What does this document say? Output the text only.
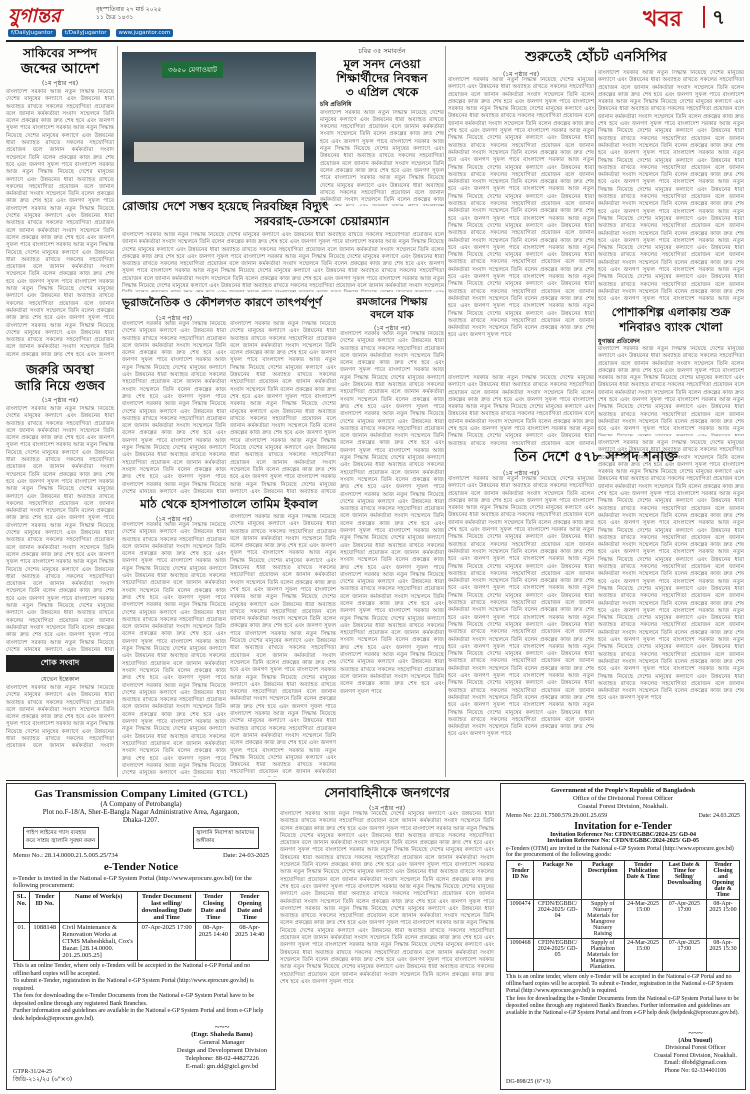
যুগান্তর	বৃহস্পতিবার ২৭ মার্চ ২০২৫
১১ চৈত্র ১৪৩১
f/DailyJugantor	t/DailyJugantor	www.jugantor.com
খবর ৭
সাকিবের সম্পদ
জব্দের আদেশ
(১ম পৃষ্ঠার পর)
বাংলাদেশ সরকার আজ নতুন সিদ্ধান্ত নিয়েছে দেশের মানুষের কল্যাণে এবং উন্নয়নের ধারা অব্যাহত রাখতে সকলের সহযোগিতা প্রয়োজন বলে জানান কর্মকর্তারা সংবাদ সম্মেলনে তিনি বলেন প্রকল্পের কাজ দ্রুত শেষ হবে এবং জনগণ সুফল পাবে বাংলাদেশ সরকার আজ নতুন সিদ্ধান্ত নিয়েছে দেশের মানুষের কল্যাণে এবং উন্নয়নের ধারা অব্যাহত রাখতে সকলের সহযোগিতা প্রয়োজন বলে জানান কর্মকর্তারা সংবাদ সম্মেলনে তিনি বলেন প্রকল্পের কাজ দ্রুত শেষ হবে এবং জনগণ সুফল পাবে বাংলাদেশ সরকার আজ নতুন সিদ্ধান্ত নিয়েছে দেশের মানুষের কল্যাণে এবং উন্নয়নের ধারা অব্যাহত রাখতে সকলের সহযোগিতা প্রয়োজন বলে জানান কর্মকর্তারা সংবাদ সম্মেলনে তিনি বলেন প্রকল্পের কাজ দ্রুত শেষ হবে এবং জনগণ সুফল পাবে বাংলাদেশ সরকার আজ নতুন সিদ্ধান্ত নিয়েছে দেশের মানুষের কল্যাণে এবং উন্নয়নের ধারা অব্যাহত রাখতে সকলের সহযোগিতা প্রয়োজন বলে জানান কর্মকর্তারা সংবাদ সম্মেলনে তিনি বলেন প্রকল্পের কাজ দ্রুত শেষ হবে এবং জনগণ সুফল পাবে বাংলাদেশ সরকার আজ নতুন সিদ্ধান্ত নিয়েছে দেশের মানুষের কল্যাণে এবং উন্নয়নের ধারা অব্যাহত রাখতে সকলের সহযোগিতা প্রয়োজন বলে জানান কর্মকর্তারা সংবাদ সম্মেলনে তিনি বলেন প্রকল্পের কাজ দ্রুত শেষ হবে এবং জনগণ সুফল পাবে বাংলাদেশ সরকার আজ নতুন সিদ্ধান্ত নিয়েছে দেশের মানুষের কল্যাণে এবং উন্নয়নের ধারা অব্যাহত রাখতে সকলের সহযোগিতা প্রয়োজন বলে জানান কর্মকর্তারা সংবাদ সম্মেলনে তিনি বলেন প্রকল্পের কাজ দ্রুত শেষ হবে এবং জনগণ সুফল পাবে বাংলাদেশ সরকার আজ নতুন সিদ্ধান্ত নিয়েছে দেশের মানুষের কল্যাণে এবং উন্নয়নের ধারা অব্যাহত রাখতে সকলের সহযোগিতা প্রয়োজন বলে জানান কর্মকর্তারা সংবাদ সম্মেলনে তিনি বলেন প্রকল্পের কাজ দ্রুত শেষ হবে এবং জনগণ সুফল পাবে বাংলাদেশ সরকার আজ নতুন সিদ্ধান্ত নিয়েছে দেশের মানুষের কল্যাণে এবং উন্নয়নের ধারা অব্যাহত রাখতে সকলের সহযোগিতা প্রয়োজন বলে জানান কর্মকর্তারা সংবাদ সম্মেলনে তিনি বলেন প্রকল্পের কাজ দ্রুত শেষ হবে এবং জনগণ সুফল পাবে বাংলাদেশ সরকার আজ নতুন সিদ্ধান্ত নিয়েছে দেশের মানুষের কল্যাণে এবং উন্নয়নের ধারা অব্যাহত রাখতে সকলের সহযোগিতা প্রয়োজন বলে জানান কর্মকর্তারা সংবাদ সম্মেলনে তিনি বলেন প্রকল্পের কাজ দ্রুত শেষ হবে এবং জনগণ সুফল পাবে
জরুরি অবস্থা
জারি নিয়ে গুজব
(১ম পৃষ্ঠার পর)
বাংলাদেশ সরকার আজ নতুন সিদ্ধান্ত নিয়েছে দেশের মানুষের কল্যাণে এবং উন্নয়নের ধারা অব্যাহত রাখতে সকলের সহযোগিতা প্রয়োজন বলে জানান কর্মকর্তারা সংবাদ সম্মেলনে তিনি বলেন প্রকল্পের কাজ দ্রুত শেষ হবে এবং জনগণ সুফল পাবে বাংলাদেশ সরকার আজ নতুন সিদ্ধান্ত নিয়েছে দেশের মানুষের কল্যাণে এবং উন্নয়নের ধারা অব্যাহত রাখতে সকলের সহযোগিতা প্রয়োজন বলে জানান কর্মকর্তারা সংবাদ সম্মেলনে তিনি বলেন প্রকল্পের কাজ দ্রুত শেষ হবে এবং জনগণ সুফল পাবে বাংলাদেশ সরকার আজ নতুন সিদ্ধান্ত নিয়েছে দেশের মানুষের কল্যাণে এবং উন্নয়নের ধারা অব্যাহত রাখতে সকলের সহযোগিতা প্রয়োজন বলে জানান কর্মকর্তারা সংবাদ সম্মেলনে তিনি বলেন প্রকল্পের কাজ দ্রুত শেষ হবে এবং জনগণ সুফল পাবে বাংলাদেশ সরকার আজ নতুন সিদ্ধান্ত নিয়েছে দেশের মানুষের কল্যাণে এবং উন্নয়নের ধারা অব্যাহত রাখতে সকলের সহযোগিতা প্রয়োজন বলে জানান কর্মকর্তারা সংবাদ সম্মেলনে তিনি বলেন প্রকল্পের কাজ দ্রুত শেষ হবে এবং জনগণ সুফল পাবে বাংলাদেশ সরকার আজ নতুন সিদ্ধান্ত নিয়েছে দেশের মানুষের কল্যাণে এবং উন্নয়নের ধারা অব্যাহত রাখতে সকলের সহযোগিতা প্রয়োজন বলে জানান কর্মকর্তারা সংবাদ সম্মেলনে তিনি বলেন প্রকল্পের কাজ দ্রুত শেষ হবে এবং জনগণ সুফল পাবে বাংলাদেশ সরকার আজ নতুন সিদ্ধান্ত নিয়েছে দেশের মানুষের কল্যাণে এবং উন্নয়নের ধারা অব্যাহত রাখতে সকলের সহযোগিতা প্রয়োজন বলে জানান কর্মকর্তারা সংবাদ সম্মেলনে তিনি বলেন প্রকল্পের কাজ দ্রুত শেষ হবে এবং জনগণ সুফল পাবে বাংলাদেশ সরকার আজ নতুন সিদ্ধান্ত নিয়েছে দেশের মানুষের কল্যাণে এবং উন্নয়নের ধারা অব্যাহত রাখতে সকলের সহযোগিতা প্রয়োজন বলে জানান কর্মকর্তারা সংবাদ সম্মেলনে তিনি বলেন প্রকল্পের কাজ দ্রুত শেষ হবে এবং জনগণ সুফল পাবে বাংলাদেশ সরকার আজ নতুন সিদ্ধান্ত নিয়েছে দেশের মানুষের কল্যাণে এবং উন্নয়নের ধারা অব্যাহত রাখতে সকলের সহযোগিতা প্রয়োজন বলে জানান কর্মকর্তারা সংবাদ সম্মেলনে তিনি বলেন প্রকল্পের কাজ দ্রুত শেষ হবে এবং জনগণ সুফল পাবে বাংলাদেশ সরকার আজ নতুন সিদ্ধান্ত নিয়েছে দেশের মানুষের কল্যাণে এবং উন্নয়নের ধারা অব্যাহত রাখতে সকলের সহযোগিতা প্রয়োজন বলে জানান কর্মকর্তারা সংবাদ সম্মেলনে তিনি বলেন প্রকল্পের কাজ দ্রুত শেষ হবে এবং জনগণ সুফল পাবে
শোক সংবাদ
যেভেন ইন্তেকাল
বাংলাদেশ সরকার আজ নতুন সিদ্ধান্ত নিয়েছে দেশের মানুষের কল্যাণে এবং উন্নয়নের ধারা অব্যাহত রাখতে সকলের সহযোগিতা প্রয়োজন বলে জানান কর্মকর্তারা সংবাদ সম্মেলনে তিনি বলেন প্রকল্পের কাজ দ্রুত শেষ হবে এবং জনগণ সুফল পাবে বাংলাদেশ সরকার আজ নতুন সিদ্ধান্ত নিয়েছে দেশের মানুষের কল্যাণে এবং উন্নয়নের ধারা অব্যাহত রাখতে সকলের সহযোগিতা প্রয়োজন বলে জানান কর্মকর্তারা সংবাদ সম্মেলনে তিনি বলেন প্রকল্পের কাজ দ্রুত শেষ হবে এবং জনগণ সুফল পাবে বাংলাদেশ সরকার আজ নতুন সিদ্ধান্ত নিয়েছে দেশের মানুষের কল্যাণে এবং উন্নয়নের ধারা অব্যাহত রাখতে সকলের সহযোগিতা প্রয়োজন বলে জানান কর্মকর্তারা সংবাদ সম্মেলনে তিনি বলেন প্রকল্পের কাজ দ্রুত শেষ হবে এবং জনগণ সুফল পাবে বাংলাদেশ সরকার আজ নতুন সিদ্ধান্ত নিয়েছে দেশের মানুষের কল্যাণে এবং উন্নয়নের ধারা অব্যাহত রাখতে সকলের সহযোগিতা প্রয়োজন বলে জানান কর্মকর্তারা সংবাদ সম্মেলনে তিনি বলেন প্রকল্পের কাজ দ্রুত শেষ হবে এবং জনগণ সুফল পাবে বাংলাদেশ সরকার আজ নতুন সিদ্ধান্ত নিয়েছে দেশের মানুষের কল্যাণে এবং উন্নয়নের ধারা অব্যাহত রাখতে সকলের সহযোগিতা প্রয়োজন বলে জানান কর্মকর্তারা সংবাদ সম্মেলনে তিনি বলেন প্রকল্পের কাজ দ্রুত শেষ হবে এবং জনগণ সুফল পাবে বাংলাদেশ সরকার আজ নতুন সিদ্ধান্ত নিয়েছে দেশের মানুষের কল্যাণে এবং উন্নয়নের ধারা অব্যাহত রাখতে সকলের সহযোগিতা প্রয়োজন বলে জানান কর্মকর্তারা সংবাদ সম্মেলনে তিনি বলেন প্রকল্পের কাজ দ্রুত শেষ হবে এবং জনগণ সুফল পাবে বাংলাদেশ সরকার আজ নতুন সিদ্ধান্ত নিয়েছে দেশের মানুষের কল্যাণে এবং উন্নয়নের ধারা অব্যাহত রাখতে সকলের সহযোগিতা প্রয়োজন বলে জানান কর্মকর্তারা সংবাদ সম্মেলনে তিনি বলেন প্রকল্পের কাজ দ্রুত শেষ হবে এবং জনগণ সুফল পাবে বাংলাদেশ সরকার আজ নতুন সিদ্ধান্ত নিয়েছে দেশের মানুষের কল্যাণে এবং উন্নয়নের ধারা অব্যাহত রাখতে সকলের সহযোগিতা প্রয়োজন বলে জানান কর্মকর্তারা সংবাদ সম্মেলনে তিনি বলেন প্রকল্পের কাজ দ্রুত শেষ হবে এবং জনগণ সুফল পাবে বাংলাদেশ সরকার আজ নতুন সিদ্ধান্ত নিয়েছে দেশের মানুষের কল্যাণে এবং উন্নয়নের ধারা অব্যাহত রাখতে সকলের সহযোগিতা প্রয়োজন বলে জানান কর্মকর্তারা সংবাদ সম্মেলনে তিনি বলেন প্রকল্পের কাজ দ্রুত শেষ হবে এবং জনগণ সুফল পাবে
৩৬৫০ মেগাওয়াট
রোজায় দেশে সম্ভব হয়েছে নিরবচ্ছিন্ন বিদ্যুৎ
সরবরাহ-ডেসকো চেয়ারম্যান
বাংলাদেশ সরকার আজ নতুন সিদ্ধান্ত নিয়েছে দেশের মানুষের কল্যাণে এবং উন্নয়নের ধারা অব্যাহত রাখতে সকলের সহযোগিতা প্রয়োজন বলে জানান কর্মকর্তারা সংবাদ সম্মেলনে তিনি বলেন প্রকল্পের কাজ দ্রুত শেষ হবে এবং জনগণ সুফল পাবে বাংলাদেশ সরকার আজ নতুন সিদ্ধান্ত নিয়েছে দেশের মানুষের কল্যাণে এবং উন্নয়নের ধারা অব্যাহত রাখতে সকলের সহযোগিতা প্রয়োজন বলে জানান কর্মকর্তারা সংবাদ সম্মেলনে তিনি বলেন প্রকল্পের কাজ দ্রুত শেষ হবে এবং জনগণ সুফল পাবে বাংলাদেশ সরকার আজ নতুন সিদ্ধান্ত নিয়েছে দেশের মানুষের কল্যাণে এবং উন্নয়নের ধারা অব্যাহত রাখতে সকলের সহযোগিতা প্রয়োজন বলে জানান কর্মকর্তারা সংবাদ সম্মেলনে তিনি বলেন প্রকল্পের কাজ দ্রুত শেষ হবে এবং জনগণ সুফল পাবে বাংলাদেশ সরকার আজ নতুন সিদ্ধান্ত নিয়েছে দেশের মানুষের কল্যাণে এবং উন্নয়নের ধারা অব্যাহত রাখতে সকলের সহযোগিতা প্রয়োজন বলে জানান কর্মকর্তারা সংবাদ সম্মেলনে তিনি বলেন প্রকল্পের কাজ দ্রুত শেষ হবে এবং জনগণ সুফল পাবে বাংলাদেশ সরকার আজ নতুন সিদ্ধান্ত নিয়েছে দেশের মানুষের কল্যাণে এবং উন্নয়নের ধারা অব্যাহত রাখতে সকলের সহযোগিতা প্রয়োজন বলে জানান কর্মকর্তারা সংবাদ সম্মেলনে তিনি বলেন প্রকল্পের কাজ দ্রুত শেষ হবে এবং জনগণ সুফল পাবে বাংলাদেশ সরকার আজ নতুন সিদ্ধান্ত নিয়েছে দেশের মানুষের কল্যাণে এবং উন্নয়নের ধারা অব্যাহত রাখতে সকলের সহযোগিতা প্রয়োজন বলে জানান কর্মকর্তারা সংবাদ সম্মেলনে তিনি বলেন প্রকল্পের কাজ দ্রুত শেষ হবে এবং জনগণ সুফল পাবে বাংলাদেশ সরকার আজ নতুন সিদ্ধান্ত নিয়েছে দেশের মানুষের কল্যাণে এবং উন্নয়নের ধারা অব্যাহত রাখতে সকলের সহযোগিতা প্রয়োজন বলে জানান কর্মকর্তারা সংবাদ সম্মেলনে তিনি বলেন প্রকল্পের কাজ দ্রুত শেষ হবে এবং জনগণ সুফল পাবে বাংলাদেশ সরকার আজ নতুন সিদ্ধান্ত নিয়েছে দেশের মানুষের কল্যাণে এবং উন্নয়নের ধারা অব্যাহত রাখতে সকলের সহযোগিতা প্রয়োজন বলে জানান কর্মকর্তারা সংবাদ সম্মেলনে তিনি বলেন প্রকল্পের কাজ দ্রুত শেষ হবে এবং জনগণ সুফল পাবে বাংলাদেশ সরকার আজ নতুন সিদ্ধান্ত নিয়েছে দেশের মানুষের কল্যাণে এবং উন্নয়নের ধারা অব্যাহত রাখতে সকলের সহযোগিতা প্রয়োজন বলে জানান কর্মকর্তারা সংবাদ সম্মেলনে তিনি বলেন প্রকল্পের কাজ দ্রুত শেষ হবে এবং জনগণ সুফল পাবে
চবির ৩৫ সমাবর্তন
মূল সনদ নেওয়া
শিক্ষার্থীদের নিবন্ধন
৩ এপ্রিল থেকে
চবি প্রতিনিধি
বাংলাদেশ সরকার আজ নতুন সিদ্ধান্ত নিয়েছে দেশের মানুষের কল্যাণে এবং উন্নয়নের ধারা অব্যাহত রাখতে সকলের সহযোগিতা প্রয়োজন বলে জানান কর্মকর্তারা সংবাদ সম্মেলনে তিনি বলেন প্রকল্পের কাজ দ্রুত শেষ হবে এবং জনগণ সুফল পাবে বাংলাদেশ সরকার আজ নতুন সিদ্ধান্ত নিয়েছে দেশের মানুষের কল্যাণে এবং উন্নয়নের ধারা অব্যাহত রাখতে সকলের সহযোগিতা প্রয়োজন বলে জানান কর্মকর্তারা সংবাদ সম্মেলনে তিনি বলেন প্রকল্পের কাজ দ্রুত শেষ হবে এবং জনগণ সুফল পাবে বাংলাদেশ সরকার আজ নতুন সিদ্ধান্ত নিয়েছে দেশের মানুষের কল্যাণে এবং উন্নয়নের ধারা অব্যাহত রাখতে সকলের সহযোগিতা প্রয়োজন বলে জানান কর্মকর্তারা সংবাদ সম্মেলনে তিনি বলেন প্রকল্পের কাজ দ্রুত শেষ হবে এবং জনগণ সুফল পাবে বাংলাদেশ সরকার আজ নতুন সিদ্ধান্ত নিয়েছে দেশের মানুষের কল্যাণে এবং উন্নয়নের ধারা অব্যাহত রাখতে সকলের সহযোগিতা প্রয়োজন বলে জানান কর্মকর্তারা সংবাদ সম্মেলনে তিনি বলেন প্রকল্পের কাজ দ্রুত শেষ হবে এবং জনগণ সুফল পাবে বাংলাদেশ সরকার আজ নতুন সিদ্ধান্ত নিয়েছে দেশের মানুষের কল্যাণে এবং উন্নয়নের ধারা অব্যাহত রাখতে সকলের সহযোগিতা প্রয়োজন বলে জানান কর্মকর্তারা সংবাদ সম্মেলনে তিনি বলেন প্রকল্পের কাজ দ্রুত শেষ হবে এবং জনগণ সুফল পাবে বাংলাদেশ সরকার আজ নতুন সিদ্ধান্ত নিয়েছে দেশের মানুষের কল্যাণে এবং উন্নয়নের ধারা অব্যাহত রাখতে সকলের সহযোগিতা প্রয়োজন বলে জানান কর্মকর্তারা সংবাদ সম্মেলনে তিনি বলেন প্রকল্পের কাজ দ্রুত শেষ হবে এবং জনগণ সুফল পাবে বাংলাদেশ সরকার আজ নতুন সিদ্ধান্ত নিয়েছে দেশের মানুষের কল্যাণে এবং উন্নয়নের ধারা অব্যাহত রাখতে সকলের সহযোগিতা প্রয়োজন বলে জানান কর্মকর্তারা সংবাদ সম্মেলনে তিনি বলেন প্রকল্পের কাজ দ্রুত শেষ হবে এবং জনগণ সুফল পাবে বাংলাদেশ সরকার আজ নতুন সিদ্ধান্ত নিয়েছে দেশের মানুষের কল্যাণে এবং উন্নয়নের ধারা অব্যাহত রাখতে সকলের সহযোগিতা প্রয়োজন বলে জানান কর্মকর্তারা সংবাদ সম্মেলনে তিনি বলেন প্রকল্পের কাজ দ্রুত শেষ হবে এবং জনগণ সুফল পাবে বাংলাদেশ সরকার আজ নতুন সিদ্ধান্ত নিয়েছে দেশের মানুষের কল্যাণে এবং উন্নয়নের ধারা অব্যাহত রাখতে সকলের সহযোগিতা প্রয়োজন বলে জানান কর্মকর্তারা সংবাদ সম্মেলনে তিনি বলেন প্রকল্পের কাজ দ্রুত শেষ হবে এবং জনগণ সুফল পাবে
শুরুতেই হোঁচট এনসিপির
(১ম পৃষ্ঠার পর)
বাংলাদেশ সরকার আজ নতুন সিদ্ধান্ত নিয়েছে দেশের মানুষের কল্যাণে এবং উন্নয়নের ধারা অব্যাহত রাখতে সকলের সহযোগিতা প্রয়োজন বলে জানান কর্মকর্তারা সংবাদ সম্মেলনে তিনি বলেন প্রকল্পের কাজ দ্রুত শেষ হবে এবং জনগণ সুফল পাবে বাংলাদেশ সরকার আজ নতুন সিদ্ধান্ত নিয়েছে দেশের মানুষের কল্যাণে এবং উন্নয়নের ধারা অব্যাহত রাখতে সকলের সহযোগিতা প্রয়োজন বলে জানান কর্মকর্তারা সংবাদ সম্মেলনে তিনি বলেন প্রকল্পের কাজ দ্রুত শেষ হবে এবং জনগণ সুফল পাবে বাংলাদেশ সরকার আজ নতুন সিদ্ধান্ত নিয়েছে দেশের মানুষের কল্যাণে এবং উন্নয়নের ধারা অব্যাহত রাখতে সকলের সহযোগিতা প্রয়োজন বলে জানান কর্মকর্তারা সংবাদ সম্মেলনে তিনি বলেন প্রকল্পের কাজ দ্রুত শেষ হবে এবং জনগণ সুফল পাবে বাংলাদেশ সরকার আজ নতুন সিদ্ধান্ত নিয়েছে দেশের মানুষের কল্যাণে এবং উন্নয়নের ধারা অব্যাহত রাখতে সকলের সহযোগিতা প্রয়োজন বলে জানান কর্মকর্তারা সংবাদ সম্মেলনে তিনি বলেন প্রকল্পের কাজ দ্রুত শেষ হবে এবং জনগণ সুফল পাবে বাংলাদেশ সরকার আজ নতুন সিদ্ধান্ত নিয়েছে দেশের মানুষের কল্যাণে এবং উন্নয়নের ধারা অব্যাহত রাখতে সকলের সহযোগিতা প্রয়োজন বলে জানান কর্মকর্তারা সংবাদ সম্মেলনে তিনি বলেন প্রকল্পের কাজ দ্রুত শেষ হবে এবং জনগণ সুফল পাবে বাংলাদেশ সরকার আজ নতুন সিদ্ধান্ত নিয়েছে দেশের মানুষের কল্যাণে এবং উন্নয়নের ধারা অব্যাহত রাখতে সকলের সহযোগিতা প্রয়োজন বলে জানান কর্মকর্তারা সংবাদ সম্মেলনে তিনি বলেন প্রকল্পের কাজ দ্রুত শেষ হবে এবং জনগণ সুফল পাবে বাংলাদেশ সরকার আজ নতুন সিদ্ধান্ত নিয়েছে দেশের মানুষের কল্যাণে এবং উন্নয়নের ধারা অব্যাহত রাখতে সকলের সহযোগিতা প্রয়োজন বলে জানান কর্মকর্তারা সংবাদ সম্মেলনে তিনি বলেন প্রকল্পের কাজ দ্রুত শেষ হবে এবং জনগণ সুফল পাবে বাংলাদেশ সরকার আজ নতুন সিদ্ধান্ত নিয়েছে দেশের মানুষের কল্যাণে এবং উন্নয়নের ধারা অব্যাহত রাখতে সকলের সহযোগিতা প্রয়োজন বলে জানান কর্মকর্তারা সংবাদ সম্মেলনে তিনি বলেন প্রকল্পের কাজ দ্রুত শেষ হবে এবং জনগণ সুফল পাবে বাংলাদেশ সরকার আজ নতুন সিদ্ধান্ত নিয়েছে দেশের মানুষের কল্যাণে এবং উন্নয়নের ধারা অব্যাহত রাখতে সকলের সহযোগিতা প্রয়োজন বলে জানান কর্মকর্তারা সংবাদ সম্মেলনে তিনি বলেন প্রকল্পের কাজ দ্রুত শেষ হবে এবং জনগণ সুফল পাবে
বাংলাদেশ সরকার আজ নতুন সিদ্ধান্ত নিয়েছে দেশের মানুষের কল্যাণে এবং উন্নয়নের ধারা অব্যাহত রাখতে সকলের সহযোগিতা প্রয়োজন বলে জানান কর্মকর্তারা সংবাদ সম্মেলনে তিনি বলেন প্রকল্পের কাজ দ্রুত শেষ হবে এবং জনগণ সুফল পাবে বাংলাদেশ সরকার আজ নতুন সিদ্ধান্ত নিয়েছে দেশের মানুষের কল্যাণে এবং উন্নয়নের ধারা অব্যাহত রাখতে সকলের সহযোগিতা প্রয়োজন বলে জানান কর্মকর্তারা সংবাদ সম্মেলনে তিনি বলেন প্রকল্পের কাজ দ্রুত শেষ হবে এবং জনগণ সুফল পাবে বাংলাদেশ সরকার আজ নতুন সিদ্ধান্ত নিয়েছে দেশের মানুষের কল্যাণে এবং উন্নয়নের ধারা অব্যাহত রাখতে সকলের সহযোগিতা প্রয়োজন বলে জানান কর্মকর্তারা সংবাদ সম্মেলনে তিনি বলেন প্রকল্পের কাজ দ্রুত শেষ হবে এবং জনগণ সুফল পাবে বাংলাদেশ সরকার আজ নতুন সিদ্ধান্ত নিয়েছে দেশের মানুষের কল্যাণে এবং উন্নয়নের ধারা অব্যাহত রাখতে সকলের সহযোগিতা প্রয়োজন বলে জানান কর্মকর্তারা সংবাদ সম্মেলনে তিনি বলেন প্রকল্পের কাজ দ্রুত শেষ হবে এবং জনগণ সুফল পাবে বাংলাদেশ সরকার আজ নতুন সিদ্ধান্ত নিয়েছে দেশের মানুষের কল্যাণে এবং উন্নয়নের ধারা অব্যাহত রাখতে সকলের সহযোগিতা প্রয়োজন বলে জানান কর্মকর্তারা সংবাদ সম্মেলনে তিনি বলেন প্রকল্পের কাজ দ্রুত শেষ হবে এবং জনগণ সুফল পাবে বাংলাদেশ সরকার আজ নতুন সিদ্ধান্ত নিয়েছে দেশের মানুষের কল্যাণে এবং উন্নয়নের ধারা অব্যাহত রাখতে সকলের সহযোগিতা প্রয়োজন বলে জানান কর্মকর্তারা সংবাদ সম্মেলনে তিনি বলেন প্রকল্পের কাজ দ্রুত শেষ হবে এবং জনগণ সুফল পাবে বাংলাদেশ সরকার আজ নতুন সিদ্ধান্ত নিয়েছে দেশের মানুষের কল্যাণে এবং উন্নয়নের ধারা অব্যাহত রাখতে সকলের সহযোগিতা প্রয়োজন বলে জানান কর্মকর্তারা সংবাদ সম্মেলনে তিনি বলেন প্রকল্পের কাজ দ্রুত শেষ হবে এবং জনগণ সুফল পাবে বাংলাদেশ সরকার আজ নতুন সিদ্ধান্ত নিয়েছে দেশের মানুষের কল্যাণে এবং উন্নয়নের ধারা অব্যাহত রাখতে সকলের সহযোগিতা প্রয়োজন বলে জানান কর্মকর্তারা সংবাদ সম্মেলনে তিনি বলেন প্রকল্পের কাজ দ্রুত শেষ হবে এবং জনগণ সুফল পাবে বাংলাদেশ সরকার আজ নতুন সিদ্ধান্ত নিয়েছে দেশের মানুষের কল্যাণে এবং উন্নয়নের ধারা অব্যাহত রাখতে সকলের সহযোগিতা প্রয়োজন বলে জানান কর্মকর্তারা সংবাদ সম্মেলনে তিনি বলেন প্রকল্পের কাজ দ্রুত শেষ হবে এবং জনগণ সুফল পাবে
পোশাকশিল্প এলাকায় শুক্র
শনিবারও ব্যাংক খোলা
যুগান্তর প্রতিবেদন
বাংলাদেশ সরকার আজ নতুন সিদ্ধান্ত নিয়েছে দেশের মানুষের কল্যাণে এবং উন্নয়নের ধারা অব্যাহত রাখতে সকলের সহযোগিতা প্রয়োজন বলে জানান কর্মকর্তারা সংবাদ সম্মেলনে তিনি বলেন প্রকল্পের কাজ দ্রুত শেষ হবে এবং জনগণ সুফল পাবে বাংলাদেশ সরকার আজ নতুন সিদ্ধান্ত নিয়েছে দেশের মানুষের কল্যাণে এবং উন্নয়নের ধারা অব্যাহত রাখতে সকলের সহযোগিতা প্রয়োজন বলে জানান কর্মকর্তারা সংবাদ সম্মেলনে তিনি বলেন প্রকল্পের কাজ দ্রুত শেষ হবে এবং জনগণ সুফল পাবে বাংলাদেশ সরকার আজ নতুন সিদ্ধান্ত নিয়েছে দেশের মানুষের কল্যাণে এবং উন্নয়নের ধারা অব্যাহত রাখতে সকলের সহযোগিতা প্রয়োজন বলে জানান কর্মকর্তারা সংবাদ সম্মেলনে তিনি বলেন প্রকল্পের কাজ দ্রুত শেষ হবে এবং জনগণ সুফল পাবে বাংলাদেশ সরকার আজ নতুন সিদ্ধান্ত নিয়েছে দেশের মানুষের কল্যাণে এবং উন্নয়নের ধারা অব্যাহত রাখতে সকলের সহযোগিতা প্রয়োজন বলে জানান কর্মকর্তারা সংবাদ সম্মেলনে তিনি বলেন প্রকল্পের কাজ দ্রুত শেষ হবে এবং জনগণ সুফল পাবে বাংলাদেশ সরকার আজ নতুন সিদ্ধান্ত নিয়েছে দেশের মানুষের কল্যাণে এবং উন্নয়নের ধারা অব্যাহত রাখতে সকলের সহযোগিতা প্রয়োজন বলে জানান কর্মকর্তারা সংবাদ সম্মেলনে তিনি বলেন প্রকল্পের কাজ দ্রুত শেষ হবে এবং জনগণ সুফল পাবে বাংলাদেশ সরকার আজ নতুন সিদ্ধান্ত নিয়েছে দেশের মানুষের কল্যাণে এবং উন্নয়নের ধারা অব্যাহত রাখতে সকলের সহযোগিতা প্রয়োজন বলে জানান কর্মকর্তারা সংবাদ সম্মেলনে তিনি বলেন প্রকল্পের কাজ দ্রুত শেষ হবে এবং জনগণ সুফল পাবে বাংলাদেশ সরকার আজ নতুন সিদ্ধান্ত নিয়েছে দেশের মানুষের কল্যাণে এবং উন্নয়নের ধারা অব্যাহত রাখতে সকলের সহযোগিতা প্রয়োজন বলে জানান কর্মকর্তারা সংবাদ সম্মেলনে তিনি বলেন প্রকল্পের কাজ দ্রুত শেষ হবে এবং জনগণ সুফল পাবে বাংলাদেশ সরকার আজ নতুন সিদ্ধান্ত নিয়েছে দেশের মানুষের কল্যাণে এবং উন্নয়নের ধারা অব্যাহত রাখতে সকলের সহযোগিতা প্রয়োজন বলে জানান কর্মকর্তারা সংবাদ সম্মেলনে তিনি বলেন প্রকল্পের কাজ দ্রুত শেষ হবে এবং জনগণ সুফল পাবে বাংলাদেশ সরকার আজ নতুন সিদ্ধান্ত নিয়েছে দেশের মানুষের কল্যাণে এবং উন্নয়নের ধারা অব্যাহত রাখতে সকলের সহযোগিতা প্রয়োজন বলে জানান কর্মকর্তারা সংবাদ সম্মেলনে তিনি বলেন প্রকল্পের কাজ দ্রুত শেষ হবে এবং জনগণ সুফল পাবে
ভূরাজনৈতিক ও কৌশলগত কারণে তাৎপর্যপূর্ণ
(১ম পৃষ্ঠার পর)
বাংলাদেশ সরকার আজ নতুন সিদ্ধান্ত নিয়েছে দেশের মানুষের কল্যাণে এবং উন্নয়নের ধারা অব্যাহত রাখতে সকলের সহযোগিতা প্রয়োজন বলে জানান কর্মকর্তারা সংবাদ সম্মেলনে তিনি বলেন প্রকল্পের কাজ দ্রুত শেষ হবে এবং জনগণ সুফল পাবে বাংলাদেশ সরকার আজ নতুন সিদ্ধান্ত নিয়েছে দেশের মানুষের কল্যাণে এবং উন্নয়নের ধারা অব্যাহত রাখতে সকলের সহযোগিতা প্রয়োজন বলে জানান কর্মকর্তারা সংবাদ সম্মেলনে তিনি বলেন প্রকল্পের কাজ দ্রুত শেষ হবে এবং জনগণ সুফল পাবে বাংলাদেশ সরকার আজ নতুন সিদ্ধান্ত নিয়েছে দেশের মানুষের কল্যাণে এবং উন্নয়নের ধারা অব্যাহত রাখতে সকলের সহযোগিতা প্রয়োজন বলে জানান কর্মকর্তারা সংবাদ সম্মেলনে তিনি বলেন প্রকল্পের কাজ দ্রুত শেষ হবে এবং জনগণ সুফল পাবে বাংলাদেশ সরকার আজ নতুন সিদ্ধান্ত নিয়েছে দেশের মানুষের কল্যাণে এবং উন্নয়নের ধারা অব্যাহত রাখতে সকলের সহযোগিতা প্রয়োজন বলে জানান কর্মকর্তারা সংবাদ সম্মেলনে তিনি বলেন প্রকল্পের কাজ দ্রুত শেষ হবে এবং জনগণ সুফল পাবে বাংলাদেশ সরকার আজ নতুন সিদ্ধান্ত নিয়েছে দেশের মানুষের কল্যাণে এবং উন্নয়নের ধারা অব্যাহত রাখতে সকলের সহযোগিতা প্রয়োজন বলে জানান কর্মকর্তারা সংবাদ সম্মেলনে তিনি বলেন প্রকল্পের কাজ দ্রুত শেষ হবে এবং জনগণ সুফল পাবে বাংলাদেশ সরকার আজ নতুন সিদ্ধান্ত নিয়েছে দেশের মানুষের কল্যাণে এবং উন্নয়নের ধারা অব্যাহত রাখতে সকলের সহযোগিতা প্রয়োজন বলে জানান কর্মকর্তারা সংবাদ সম্মেলনে তিনি বলেন প্রকল্পের কাজ দ্রুত শেষ হবে এবং জনগণ সুফল পাবে বাংলাদেশ সরকার আজ নতুন সিদ্ধান্ত নিয়েছে দেশের মানুষের কল্যাণে এবং উন্নয়নের ধারা অব্যাহত রাখতে সকলের সহযোগিতা প্রয়োজন বলে জানান কর্মকর্তারা সংবাদ সম্মেলনে তিনি বলেন প্রকল্পের কাজ দ্রুত শেষ হবে এবং জনগণ সুফল পাবে বাংলাদেশ সরকার আজ নতুন সিদ্ধান্ত নিয়েছে দেশের মানুষের কল্যাণে এবং উন্নয়নের ধারা অব্যাহত রাখতে সকলের সহযোগিতা প্রয়োজন বলে জানান কর্মকর্তারা সংবাদ সম্মেলনে তিনি বলেন প্রকল্পের কাজ দ্রুত শেষ হবে এবং জনগণ সুফল পাবে বাংলাদেশ সরকার আজ নতুন সিদ্ধান্ত নিয়েছে দেশের মানুষের কল্যাণে এবং উন্নয়নের ধারা অব্যাহত রাখতে সকলের সহযোগিতা প্রয়োজন বলে জানান কর্মকর্তারা সংবাদ সম্মেলনে তিনি বলেন প্রকল্পের কাজ দ্রুত শেষ হবে এবং জনগণ সুফল পাবে
বাংলাদেশ সরকার আজ নতুন সিদ্ধান্ত নিয়েছে দেশের মানুষের কল্যাণে এবং উন্নয়নের ধারা অব্যাহত রাখতে সকলের সহযোগিতা প্রয়োজন বলে জানান কর্মকর্তারা সংবাদ সম্মেলনে তিনি বলেন প্রকল্পের কাজ দ্রুত শেষ হবে এবং জনগণ সুফল পাবে বাংলাদেশ সরকার আজ নতুন সিদ্ধান্ত নিয়েছে দেশের মানুষের কল্যাণে এবং উন্নয়নের ধারা অব্যাহত রাখতে সকলের সহযোগিতা প্রয়োজন বলে জানান কর্মকর্তারা সংবাদ সম্মেলনে তিনি বলেন প্রকল্পের কাজ দ্রুত শেষ হবে এবং জনগণ সুফল পাবে বাংলাদেশ সরকার আজ নতুন সিদ্ধান্ত নিয়েছে দেশের মানুষের কল্যাণে এবং উন্নয়নের ধারা অব্যাহত রাখতে সকলের সহযোগিতা প্রয়োজন বলে জানান কর্মকর্তারা সংবাদ সম্মেলনে তিনি বলেন প্রকল্পের কাজ দ্রুত শেষ হবে এবং জনগণ সুফল পাবে বাংলাদেশ সরকার আজ নতুন সিদ্ধান্ত নিয়েছে দেশের মানুষের কল্যাণে এবং উন্নয়নের ধারা অব্যাহত রাখতে সকলের সহযোগিতা প্রয়োজন বলে জানান কর্মকর্তারা সংবাদ সম্মেলনে তিনি বলেন প্রকল্পের কাজ দ্রুত শেষ হবে এবং জনগণ সুফল পাবে বাংলাদেশ সরকার আজ নতুন সিদ্ধান্ত নিয়েছে দেশের মানুষের কল্যাণে এবং উন্নয়নের ধারা অব্যাহত রাখতে সকলের সহযোগিতা প্রয়োজন বলে জানান কর্মকর্তারা সংবাদ সম্মেলনে তিনি বলেন প্রকল্পের কাজ দ্রুত শেষ হবে এবং জনগণ সুফল পাবে বাংলাদেশ সরকার আজ নতুন সিদ্ধান্ত নিয়েছে দেশের মানুষের কল্যাণে এবং উন্নয়নের ধারা অব্যাহত রাখতে সকলের সহযোগিতা প্রয়োজন বলে জানান কর্মকর্তারা সংবাদ সম্মেলনে তিনি বলেন প্রকল্পের কাজ দ্রুত শেষ হবে এবং জনগণ সুফল পাবে বাংলাদেশ সরকার আজ নতুন সিদ্ধান্ত নিয়েছে দেশের মানুষের কল্যাণে এবং উন্নয়নের ধারা অব্যাহত রাখতে সকলের সহযোগিতা প্রয়োজন বলে জানান কর্মকর্তারা সংবাদ সম্মেলনে তিনি বলেন প্রকল্পের কাজ দ্রুত শেষ হবে এবং জনগণ সুফল পাবে বাংলাদেশ সরকার আজ নতুন সিদ্ধান্ত নিয়েছে দেশের মানুষের কল্যাণে এবং উন্নয়নের ধারা অব্যাহত রাখতে সকলের সহযোগিতা প্রয়োজন বলে জানান কর্মকর্তারা সংবাদ সম্মেলনে তিনি বলেন প্রকল্পের কাজ দ্রুত শেষ হবে এবং জনগণ সুফল পাবে বাংলাদেশ সরকার আজ নতুন সিদ্ধান্ত নিয়েছে দেশের মানুষের কল্যাণে এবং উন্নয়নের ধারা অব্যাহত রাখতে সকলের সহযোগিতা প্রয়োজন বলে জানান কর্মকর্তারা সংবাদ সম্মেলনে তিনি বলেন প্রকল্পের কাজ দ্রুত শেষ হবে এবং জনগণ সুফল পাবে
রমজানের শিক্ষায়
বদলে যাক
(১ম পৃষ্ঠার পর)
বাংলাদেশ সরকার আজ নতুন সিদ্ধান্ত নিয়েছে দেশের মানুষের কল্যাণে এবং উন্নয়নের ধারা অব্যাহত রাখতে সকলের সহযোগিতা প্রয়োজন বলে জানান কর্মকর্তারা সংবাদ সম্মেলনে তিনি বলেন প্রকল্পের কাজ দ্রুত শেষ হবে এবং জনগণ সুফল পাবে বাংলাদেশ সরকার আজ নতুন সিদ্ধান্ত নিয়েছে দেশের মানুষের কল্যাণে এবং উন্নয়নের ধারা অব্যাহত রাখতে সকলের সহযোগিতা প্রয়োজন বলে জানান কর্মকর্তারা সংবাদ সম্মেলনে তিনি বলেন প্রকল্পের কাজ দ্রুত শেষ হবে এবং জনগণ সুফল পাবে বাংলাদেশ সরকার আজ নতুন সিদ্ধান্ত নিয়েছে দেশের মানুষের কল্যাণে এবং উন্নয়নের ধারা অব্যাহত রাখতে সকলের সহযোগিতা প্রয়োজন বলে জানান কর্মকর্তারা সংবাদ সম্মেলনে তিনি বলেন প্রকল্পের কাজ দ্রুত শেষ হবে এবং জনগণ সুফল পাবে বাংলাদেশ সরকার আজ নতুন সিদ্ধান্ত নিয়েছে দেশের মানুষের কল্যাণে এবং উন্নয়নের ধারা অব্যাহত রাখতে সকলের সহযোগিতা প্রয়োজন বলে জানান কর্মকর্তারা সংবাদ সম্মেলনে তিনি বলেন প্রকল্পের কাজ দ্রুত শেষ হবে এবং জনগণ সুফল পাবে বাংলাদেশ সরকার আজ নতুন সিদ্ধান্ত নিয়েছে দেশের মানুষের কল্যাণে এবং উন্নয়নের ধারা অব্যাহত রাখতে সকলের সহযোগিতা প্রয়োজন বলে জানান কর্মকর্তারা সংবাদ সম্মেলনে তিনি বলেন প্রকল্পের কাজ দ্রুত শেষ হবে এবং জনগণ সুফল পাবে বাংলাদেশ সরকার আজ নতুন সিদ্ধান্ত নিয়েছে দেশের মানুষের কল্যাণে এবং উন্নয়নের ধারা অব্যাহত রাখতে সকলের সহযোগিতা প্রয়োজন বলে জানান কর্মকর্তারা সংবাদ সম্মেলনে তিনি বলেন প্রকল্পের কাজ দ্রুত শেষ হবে এবং জনগণ সুফল পাবে বাংলাদেশ সরকার আজ নতুন সিদ্ধান্ত নিয়েছে দেশের মানুষের কল্যাণে এবং উন্নয়নের ধারা অব্যাহত রাখতে সকলের সহযোগিতা প্রয়োজন বলে জানান কর্মকর্তারা সংবাদ সম্মেলনে তিনি বলেন প্রকল্পের কাজ দ্রুত শেষ হবে এবং জনগণ সুফল পাবে বাংলাদেশ সরকার আজ নতুন সিদ্ধান্ত নিয়েছে দেশের মানুষের কল্যাণে এবং উন্নয়নের ধারা অব্যাহত রাখতে সকলের সহযোগিতা প্রয়োজন বলে জানান কর্মকর্তারা সংবাদ সম্মেলনে তিনি বলেন প্রকল্পের কাজ দ্রুত শেষ হবে এবং জনগণ সুফল পাবে বাংলাদেশ সরকার আজ নতুন সিদ্ধান্ত নিয়েছে দেশের মানুষের কল্যাণে এবং উন্নয়নের ধারা অব্যাহত রাখতে সকলের সহযোগিতা প্রয়োজন বলে জানান কর্মকর্তারা সংবাদ সম্মেলনে তিনি বলেন প্রকল্পের কাজ দ্রুত শেষ হবে এবং জনগণ সুফল পাবে
মাঠ থেকে হাসপাতালে তামিম ইকবাল
(১ম পৃষ্ঠার পর)
বাংলাদেশ সরকার আজ নতুন সিদ্ধান্ত নিয়েছে দেশের মানুষের কল্যাণে এবং উন্নয়নের ধারা অব্যাহত রাখতে সকলের সহযোগিতা প্রয়োজন বলে জানান কর্মকর্তারা সংবাদ সম্মেলনে তিনি বলেন প্রকল্পের কাজ দ্রুত শেষ হবে এবং জনগণ সুফল পাবে বাংলাদেশ সরকার আজ নতুন সিদ্ধান্ত নিয়েছে দেশের মানুষের কল্যাণে এবং উন্নয়নের ধারা অব্যাহত রাখতে সকলের সহযোগিতা প্রয়োজন বলে জানান কর্মকর্তারা সংবাদ সম্মেলনে তিনি বলেন প্রকল্পের কাজ দ্রুত শেষ হবে এবং জনগণ সুফল পাবে বাংলাদেশ সরকার আজ নতুন সিদ্ধান্ত নিয়েছে দেশের মানুষের কল্যাণে এবং উন্নয়নের ধারা অব্যাহত রাখতে সকলের সহযোগিতা প্রয়োজন বলে জানান কর্মকর্তারা সংবাদ সম্মেলনে তিনি বলেন প্রকল্পের কাজ দ্রুত শেষ হবে এবং জনগণ সুফল পাবে বাংলাদেশ সরকার আজ নতুন সিদ্ধান্ত নিয়েছে দেশের মানুষের কল্যাণে এবং উন্নয়নের ধারা অব্যাহত রাখতে সকলের সহযোগিতা প্রয়োজন বলে জানান কর্মকর্তারা সংবাদ সম্মেলনে তিনি বলেন প্রকল্পের কাজ দ্রুত শেষ হবে এবং জনগণ সুফল পাবে বাংলাদেশ সরকার আজ নতুন সিদ্ধান্ত নিয়েছে দেশের মানুষের কল্যাণে এবং উন্নয়নের ধারা অব্যাহত রাখতে সকলের সহযোগিতা প্রয়োজন বলে জানান কর্মকর্তারা সংবাদ সম্মেলনে তিনি বলেন প্রকল্পের কাজ দ্রুত শেষ হবে এবং জনগণ সুফল পাবে বাংলাদেশ সরকার আজ নতুন সিদ্ধান্ত নিয়েছে দেশের মানুষের কল্যাণে এবং উন্নয়নের ধারা অব্যাহত রাখতে সকলের সহযোগিতা প্রয়োজন বলে জানান কর্মকর্তারা সংবাদ সম্মেলনে তিনি বলেন প্রকল্পের কাজ দ্রুত শেষ হবে এবং জনগণ সুফল পাবে বাংলাদেশ সরকার আজ নতুন সিদ্ধান্ত নিয়েছে দেশের মানুষের কল্যাণে এবং উন্নয়নের ধারা অব্যাহত রাখতে সকলের সহযোগিতা প্রয়োজন বলে জানান কর্মকর্তারা সংবাদ সম্মেলনে তিনি বলেন প্রকল্পের কাজ দ্রুত শেষ হবে এবং জনগণ সুফল পাবে বাংলাদেশ সরকার আজ নতুন সিদ্ধান্ত নিয়েছে দেশের মানুষের কল্যাণে এবং উন্নয়নের ধারা অব্যাহত রাখতে সকলের সহযোগিতা প্রয়োজন বলে জানান কর্মকর্তারা সংবাদ সম্মেলনে তিনি বলেন প্রকল্পের কাজ দ্রুত শেষ হবে এবং জনগণ সুফল পাবে বাংলাদেশ সরকার আজ নতুন সিদ্ধান্ত নিয়েছে দেশের মানুষের কল্যাণে এবং উন্নয়নের ধারা অব্যাহত রাখতে সকলের সহযোগিতা প্রয়োজন বলে জানান কর্মকর্তারা সংবাদ সম্মেলনে তিনি বলেন প্রকল্পের কাজ দ্রুত শেষ হবে এবং জনগণ সুফল পাবে
বাংলাদেশ সরকার আজ নতুন সিদ্ধান্ত নিয়েছে দেশের মানুষের কল্যাণে এবং উন্নয়নের ধারা অব্যাহত রাখতে সকলের সহযোগিতা প্রয়োজন বলে জানান কর্মকর্তারা সংবাদ সম্মেলনে তিনি বলেন প্রকল্পের কাজ দ্রুত শেষ হবে এবং জনগণ সুফল পাবে বাংলাদেশ সরকার আজ নতুন সিদ্ধান্ত নিয়েছে দেশের মানুষের কল্যাণে এবং উন্নয়নের ধারা অব্যাহত রাখতে সকলের সহযোগিতা প্রয়োজন বলে জানান কর্মকর্তারা সংবাদ সম্মেলনে তিনি বলেন প্রকল্পের কাজ দ্রুত শেষ হবে এবং জনগণ সুফল পাবে বাংলাদেশ সরকার আজ নতুন সিদ্ধান্ত নিয়েছে দেশের মানুষের কল্যাণে এবং উন্নয়নের ধারা অব্যাহত রাখতে সকলের সহযোগিতা প্রয়োজন বলে জানান কর্মকর্তারা সংবাদ সম্মেলনে তিনি বলেন প্রকল্পের কাজ দ্রুত শেষ হবে এবং জনগণ সুফল পাবে বাংলাদেশ সরকার আজ নতুন সিদ্ধান্ত নিয়েছে দেশের মানুষের কল্যাণে এবং উন্নয়নের ধারা অব্যাহত রাখতে সকলের সহযোগিতা প্রয়োজন বলে জানান কর্মকর্তারা সংবাদ সম্মেলনে তিনি বলেন প্রকল্পের কাজ দ্রুত শেষ হবে এবং জনগণ সুফল পাবে বাংলাদেশ সরকার আজ নতুন সিদ্ধান্ত নিয়েছে দেশের মানুষের কল্যাণে এবং উন্নয়নের ধারা অব্যাহত রাখতে সকলের সহযোগিতা প্রয়োজন বলে জানান কর্মকর্তারা সংবাদ সম্মেলনে তিনি বলেন প্রকল্পের কাজ দ্রুত শেষ হবে এবং জনগণ সুফল পাবে বাংলাদেশ সরকার আজ নতুন সিদ্ধান্ত নিয়েছে দেশের মানুষের কল্যাণে এবং উন্নয়নের ধারা অব্যাহত রাখতে সকলের সহযোগিতা প্রয়োজন বলে জানান কর্মকর্তারা সংবাদ সম্মেলনে তিনি বলেন প্রকল্পের কাজ দ্রুত শেষ হবে এবং জনগণ সুফল পাবে বাংলাদেশ সরকার আজ নতুন সিদ্ধান্ত নিয়েছে দেশের মানুষের কল্যাণে এবং উন্নয়নের ধারা অব্যাহত রাখতে সকলের সহযোগিতা প্রয়োজন বলে জানান কর্মকর্তারা সংবাদ সম্মেলনে তিনি বলেন প্রকল্পের কাজ দ্রুত শেষ হবে এবং জনগণ সুফল পাবে বাংলাদেশ সরকার আজ নতুন সিদ্ধান্ত নিয়েছে দেশের মানুষের কল্যাণে এবং উন্নয়নের ধারা অব্যাহত রাখতে সকলের সহযোগিতা প্রয়োজন বলে জানান কর্মকর্তারা সংবাদ সম্মেলনে তিনি বলেন প্রকল্পের কাজ দ্রুত শেষ হবে এবং জনগণ সুফল পাবে বাংলাদেশ সরকার আজ নতুন সিদ্ধান্ত নিয়েছে দেশের মানুষের কল্যাণে এবং উন্নয়নের ধারা অব্যাহত রাখতে সকলের সহযোগিতা প্রয়োজন বলে জানান কর্মকর্তারা সংবাদ সম্মেলনে তিনি বলেন প্রকল্পের কাজ দ্রুত শেষ হবে এবং জনগণ সুফল পাবে
বাংলাদেশ সরকার আজ নতুন সিদ্ধান্ত নিয়েছে দেশের মানুষের কল্যাণে এবং উন্নয়নের ধারা অব্যাহত রাখতে সকলের সহযোগিতা প্রয়োজন বলে জানান কর্মকর্তারা সংবাদ সম্মেলনে তিনি বলেন প্রকল্পের কাজ দ্রুত শেষ হবে এবং জনগণ সুফল পাবে বাংলাদেশ সরকার আজ নতুন সিদ্ধান্ত নিয়েছে দেশের মানুষের কল্যাণে এবং উন্নয়নের ধারা অব্যাহত রাখতে সকলের সহযোগিতা প্রয়োজন বলে জানান কর্মকর্তারা সংবাদ সম্মেলনে তিনি বলেন প্রকল্পের কাজ দ্রুত শেষ হবে এবং জনগণ সুফল পাবে বাংলাদেশ সরকার আজ নতুন সিদ্ধান্ত নিয়েছে দেশের মানুষের কল্যাণে এবং উন্নয়নের ধারা অব্যাহত রাখতে সকলের সহযোগিতা প্রয়োজন বলে জানান কর্মকর্তারা সংবাদ সম্মেলনে তিনি বলেন প্রকল্পের কাজ দ্রুত শেষ হবে এবং জনগণ সুফল পাবে বাংলাদেশ সরকার আজ নতুন সিদ্ধান্ত নিয়েছে দেশের মানুষের কল্যাণে এবং উন্নয়নের ধারা অব্যাহত রাখতে সকলের সহযোগিতা প্রয়োজন বলে জানান কর্মকর্তারা সংবাদ সম্মেলনে তিনি বলেন প্রকল্পের কাজ দ্রুত শেষ হবে এবং জনগণ সুফল পাবে বাংলাদেশ সরকার আজ নতুন সিদ্ধান্ত নিয়েছে দেশের মানুষের কল্যাণে এবং উন্নয়নের ধারা অব্যাহত রাখতে সকলের সহযোগিতা প্রয়োজন বলে জানান কর্মকর্তারা সংবাদ সম্মেলনে তিনি বলেন প্রকল্পের কাজ দ্রুত শেষ হবে এবং জনগণ সুফল পাবে বাংলাদেশ সরকার আজ নতুন সিদ্ধান্ত নিয়েছে দেশের মানুষের কল্যাণে এবং উন্নয়নের ধারা অব্যাহত রাখতে সকলের সহযোগিতা প্রয়োজন বলে জানান কর্মকর্তারা সংবাদ সম্মেলনে তিনি বলেন প্রকল্পের কাজ দ্রুত শেষ হবে এবং জনগণ সুফল পাবে বাংলাদেশ সরকার আজ নতুন সিদ্ধান্ত নিয়েছে দেশের মানুষের কল্যাণে এবং উন্নয়নের ধারা অব্যাহত রাখতে সকলের সহযোগিতা প্রয়োজন বলে জানান কর্মকর্তারা সংবাদ সম্মেলনে তিনি বলেন প্রকল্পের কাজ দ্রুত শেষ হবে এবং জনগণ সুফল পাবে বাংলাদেশ সরকার আজ নতুন সিদ্ধান্ত নিয়েছে দেশের মানুষের কল্যাণে এবং উন্নয়নের ধারা অব্যাহত রাখতে সকলের সহযোগিতা প্রয়োজন বলে জানান কর্মকর্তারা সংবাদ সম্মেলনে তিনি বলেন প্রকল্পের কাজ দ্রুত শেষ হবে এবং জনগণ সুফল পাবে বাংলাদেশ সরকার আজ নতুন সিদ্ধান্ত নিয়েছে দেশের মানুষের কল্যাণে এবং উন্নয়নের ধারা অব্যাহত রাখতে সকলের সহযোগিতা প্রয়োজন বলে জানান কর্মকর্তারা সংবাদ সম্মেলনে তিনি বলেন প্রকল্পের কাজ দ্রুত শেষ হবে এবং জনগণ সুফল পাবে
তিন দেশে ৫৭৮ সম্পদ শনাক্ত
(১ম পৃষ্ঠার পর)
বাংলাদেশ সরকার আজ নতুন সিদ্ধান্ত নিয়েছে দেশের মানুষের কল্যাণে এবং উন্নয়নের ধারা অব্যাহত রাখতে সকলের সহযোগিতা প্রয়োজন বলে জানান কর্মকর্তারা সংবাদ সম্মেলনে তিনি বলেন প্রকল্পের কাজ দ্রুত শেষ হবে এবং জনগণ সুফল পাবে বাংলাদেশ সরকার আজ নতুন সিদ্ধান্ত নিয়েছে দেশের মানুষের কল্যাণে এবং উন্নয়নের ধারা অব্যাহত রাখতে সকলের সহযোগিতা প্রয়োজন বলে জানান কর্মকর্তারা সংবাদ সম্মেলনে তিনি বলেন প্রকল্পের কাজ দ্রুত শেষ হবে এবং জনগণ সুফল পাবে বাংলাদেশ সরকার আজ নতুন সিদ্ধান্ত নিয়েছে দেশের মানুষের কল্যাণে এবং উন্নয়নের ধারা অব্যাহত রাখতে সকলের সহযোগিতা প্রয়োজন বলে জানান কর্মকর্তারা সংবাদ সম্মেলনে তিনি বলেন প্রকল্পের কাজ দ্রুত শেষ হবে এবং জনগণ সুফল পাবে বাংলাদেশ সরকার আজ নতুন সিদ্ধান্ত নিয়েছে দেশের মানুষের কল্যাণে এবং উন্নয়নের ধারা অব্যাহত রাখতে সকলের সহযোগিতা প্রয়োজন বলে জানান কর্মকর্তারা সংবাদ সম্মেলনে তিনি বলেন প্রকল্পের কাজ দ্রুত শেষ হবে এবং জনগণ সুফল পাবে বাংলাদেশ সরকার আজ নতুন সিদ্ধান্ত নিয়েছে দেশের মানুষের কল্যাণে এবং উন্নয়নের ধারা অব্যাহত রাখতে সকলের সহযোগিতা প্রয়োজন বলে জানান কর্মকর্তারা সংবাদ সম্মেলনে তিনি বলেন প্রকল্পের কাজ দ্রুত শেষ হবে এবং জনগণ সুফল পাবে বাংলাদেশ সরকার আজ নতুন সিদ্ধান্ত নিয়েছে দেশের মানুষের কল্যাণে এবং উন্নয়নের ধারা অব্যাহত রাখতে সকলের সহযোগিতা প্রয়োজন বলে জানান কর্মকর্তারা সংবাদ সম্মেলনে তিনি বলেন প্রকল্পের কাজ দ্রুত শেষ হবে এবং জনগণ সুফল পাবে বাংলাদেশ সরকার আজ নতুন সিদ্ধান্ত নিয়েছে দেশের মানুষের কল্যাণে এবং উন্নয়নের ধারা অব্যাহত রাখতে সকলের সহযোগিতা প্রয়োজন বলে জানান কর্মকর্তারা সংবাদ সম্মেলনে তিনি বলেন প্রকল্পের কাজ দ্রুত শেষ হবে এবং জনগণ সুফল পাবে বাংলাদেশ সরকার আজ নতুন সিদ্ধান্ত নিয়েছে দেশের মানুষের কল্যাণে এবং উন্নয়নের ধারা অব্যাহত রাখতে সকলের সহযোগিতা প্রয়োজন বলে জানান কর্মকর্তারা সংবাদ সম্মেলনে তিনি বলেন প্রকল্পের কাজ দ্রুত শেষ হবে এবং জনগণ সুফল পাবে বাংলাদেশ সরকার আজ নতুন সিদ্ধান্ত নিয়েছে দেশের মানুষের কল্যাণে এবং উন্নয়নের ধারা অব্যাহত রাখতে সকলের সহযোগিতা প্রয়োজন বলে জানান কর্মকর্তারা সংবাদ সম্মেলনে তিনি বলেন প্রকল্পের কাজ দ্রুত শেষ হবে এবং জনগণ সুফল পাবে
বাংলাদেশ সরকার আজ নতুন সিদ্ধান্ত নিয়েছে দেশের মানুষের কল্যাণে এবং উন্নয়নের ধারা অব্যাহত রাখতে সকলের সহযোগিতা প্রয়োজন বলে জানান কর্মকর্তারা সংবাদ সম্মেলনে তিনি বলেন প্রকল্পের কাজ দ্রুত শেষ হবে এবং জনগণ সুফল পাবে বাংলাদেশ সরকার আজ নতুন সিদ্ধান্ত নিয়েছে দেশের মানুষের কল্যাণে এবং উন্নয়নের ধারা অব্যাহত রাখতে সকলের সহযোগিতা প্রয়োজন বলে জানান কর্মকর্তারা সংবাদ সম্মেলনে তিনি বলেন প্রকল্পের কাজ দ্রুত শেষ হবে এবং জনগণ সুফল পাবে বাংলাদেশ সরকার আজ নতুন সিদ্ধান্ত নিয়েছে দেশের মানুষের কল্যাণে এবং উন্নয়নের ধারা অব্যাহত রাখতে সকলের সহযোগিতা প্রয়োজন বলে জানান কর্মকর্তারা সংবাদ সম্মেলনে তিনি বলেন প্রকল্পের কাজ দ্রুত শেষ হবে এবং জনগণ সুফল পাবে বাংলাদেশ সরকার আজ নতুন সিদ্ধান্ত নিয়েছে দেশের মানুষের কল্যাণে এবং উন্নয়নের ধারা অব্যাহত রাখতে সকলের সহযোগিতা প্রয়োজন বলে জানান কর্মকর্তারা সংবাদ সম্মেলনে তিনি বলেন প্রকল্পের কাজ দ্রুত শেষ হবে এবং জনগণ সুফল পাবে বাংলাদেশ সরকার আজ নতুন সিদ্ধান্ত নিয়েছে দেশের মানুষের কল্যাণে এবং উন্নয়নের ধারা অব্যাহত রাখতে সকলের সহযোগিতা প্রয়োজন বলে জানান কর্মকর্তারা সংবাদ সম্মেলনে তিনি বলেন প্রকল্পের কাজ দ্রুত শেষ হবে এবং জনগণ সুফল পাবে বাংলাদেশ সরকার আজ নতুন সিদ্ধান্ত নিয়েছে দেশের মানুষের কল্যাণে এবং উন্নয়নের ধারা অব্যাহত রাখতে সকলের সহযোগিতা প্রয়োজন বলে জানান কর্মকর্তারা সংবাদ সম্মেলনে তিনি বলেন প্রকল্পের কাজ দ্রুত শেষ হবে এবং জনগণ সুফল পাবে বাংলাদেশ সরকার আজ নতুন সিদ্ধান্ত নিয়েছে দেশের মানুষের কল্যাণে এবং উন্নয়নের ধারা অব্যাহত রাখতে সকলের সহযোগিতা প্রয়োজন বলে জানান কর্মকর্তারা সংবাদ সম্মেলনে তিনি বলেন প্রকল্পের কাজ দ্রুত শেষ হবে এবং জনগণ সুফল পাবে বাংলাদেশ সরকার আজ নতুন সিদ্ধান্ত নিয়েছে দেশের মানুষের কল্যাণে এবং উন্নয়নের ধারা অব্যাহত রাখতে সকলের সহযোগিতা প্রয়োজন বলে জানান কর্মকর্তারা সংবাদ সম্মেলনে তিনি বলেন প্রকল্পের কাজ দ্রুত শেষ হবে এবং জনগণ সুফল পাবে বাংলাদেশ সরকার আজ নতুন সিদ্ধান্ত নিয়েছে দেশের মানুষের কল্যাণে এবং উন্নয়নের ধারা অব্যাহত রাখতে সকলের সহযোগিতা প্রয়োজন বলে জানান কর্মকর্তারা সংবাদ সম্মেলনে তিনি বলেন প্রকল্পের কাজ দ্রুত শেষ হবে এবং জনগণ সুফল পাবে
Gas Transmission Company Limited (GTCL)
(A Company of Petrobangla)
Plot no.F-18/A, Sher-E-Bangla Nagar Administrative Area, Agargaon, Dhaka-1207.
পাইপ লাইনের গ্যাস ব্যবহার করে সাশ্রয় জ্বালানি সুরক্ষা করুন
জ্বালানি নিরাপত্তা আমাদের অঙ্গীকার
Memo No.: 28.14.0000.21.5.005.25/734	Date: 24-03-2025
e-Tender Notice
e-Tender is invited in the National e-GP System Portal (http://www.eprocure.gov.bd) for the following procurement:
SL. No.	Tender ID No.	Name of Work(s)	Tender Document last selling/ downloading Date and Time	Tender Closing Date and Time	Tender Opening Date and Time
01.	1088148	Civil Maintenance & Renovation Works at CTMS Maheshkhali, Cox's Bazar. [28.14.0000. 201.25.005.25]	07-Apr-2025 17:00	08-Apr-2025 14:40	08-Apr-2025 14:40
This is an online Tender, where only e-Tenders will be accepted in the National e-GP Portal and no offline/hard copies will be accepted.
To submit e-Tender, registration in the National e-GP System Portal (http://www.eprocure.gov.bd) is required.
The fees for downloading the e-Tender Documents from the National e-GP System Portal have to be deposited online through any registered Bank Branches.
Further information and guidelines are available in the National e-GP System Portal and from e-GP help desk helpdesk@eprocure.gov.bd).
~~~
(Engr. Shaheda Banu)
General Manager
Design and Development Division
Telephone: 88-02-44827226
E-mail: gm.dd@gtcl.gov.bd
GTPR-31/24-25
জিডি-২১২/২৫ (৬"×৩)
সেনাবাহিনীকে জনগণের
(১ম পৃষ্ঠার পর)
বাংলাদেশ সরকার আজ নতুন সিদ্ধান্ত নিয়েছে দেশের মানুষের কল্যাণে এবং উন্নয়নের ধারা অব্যাহত রাখতে সকলের সহযোগিতা প্রয়োজন বলে জানান কর্মকর্তারা সংবাদ সম্মেলনে তিনি বলেন প্রকল্পের কাজ দ্রুত শেষ হবে এবং জনগণ সুফল পাবে বাংলাদেশ সরকার আজ নতুন সিদ্ধান্ত নিয়েছে দেশের মানুষের কল্যাণে এবং উন্নয়নের ধারা অব্যাহত রাখতে সকলের সহযোগিতা প্রয়োজন বলে জানান কর্মকর্তারা সংবাদ সম্মেলনে তিনি বলেন প্রকল্পের কাজ দ্রুত শেষ হবে এবং জনগণ সুফল পাবে বাংলাদেশ সরকার আজ নতুন সিদ্ধান্ত নিয়েছে দেশের মানুষের কল্যাণে এবং উন্নয়নের ধারা অব্যাহত রাখতে সকলের সহযোগিতা প্রয়োজন বলে জানান কর্মকর্তারা সংবাদ সম্মেলনে তিনি বলেন প্রকল্পের কাজ দ্রুত শেষ হবে এবং জনগণ সুফল পাবে বাংলাদেশ সরকার আজ নতুন সিদ্ধান্ত নিয়েছে দেশের মানুষের কল্যাণে এবং উন্নয়নের ধারা অব্যাহত রাখতে সকলের সহযোগিতা প্রয়োজন বলে জানান কর্মকর্তারা সংবাদ সম্মেলনে তিনি বলেন প্রকল্পের কাজ দ্রুত শেষ হবে এবং জনগণ সুফল পাবে বাংলাদেশ সরকার আজ নতুন সিদ্ধান্ত নিয়েছে দেশের মানুষের কল্যাণে এবং উন্নয়নের ধারা অব্যাহত রাখতে সকলের সহযোগিতা প্রয়োজন বলে জানান কর্মকর্তারা সংবাদ সম্মেলনে তিনি বলেন প্রকল্পের কাজ দ্রুত শেষ হবে এবং জনগণ সুফল পাবে বাংলাদেশ সরকার আজ নতুন সিদ্ধান্ত নিয়েছে দেশের মানুষের কল্যাণে এবং উন্নয়নের ধারা অব্যাহত রাখতে সকলের সহযোগিতা প্রয়োজন বলে জানান কর্মকর্তারা সংবাদ সম্মেলনে তিনি বলেন প্রকল্পের কাজ দ্রুত শেষ হবে এবং জনগণ সুফল পাবে বাংলাদেশ সরকার আজ নতুন সিদ্ধান্ত নিয়েছে দেশের মানুষের কল্যাণে এবং উন্নয়নের ধারা অব্যাহত রাখতে সকলের সহযোগিতা প্রয়োজন বলে জানান কর্মকর্তারা সংবাদ সম্মেলনে তিনি বলেন প্রকল্পের কাজ দ্রুত শেষ হবে এবং জনগণ সুফল পাবে বাংলাদেশ সরকার আজ নতুন সিদ্ধান্ত নিয়েছে দেশের মানুষের কল্যাণে এবং উন্নয়নের ধারা অব্যাহত রাখতে সকলের সহযোগিতা প্রয়োজন বলে জানান কর্মকর্তারা সংবাদ সম্মেলনে তিনি বলেন প্রকল্পের কাজ দ্রুত শেষ হবে এবং জনগণ সুফল পাবে বাংলাদেশ সরকার আজ নতুন সিদ্ধান্ত নিয়েছে দেশের মানুষের কল্যাণে এবং উন্নয়নের ধারা অব্যাহত রাখতে সকলের সহযোগিতা প্রয়োজন বলে জানান কর্মকর্তারা সংবাদ সম্মেলনে তিনি বলেন প্রকল্পের কাজ দ্রুত শেষ হবে এবং জনগণ সুফল পাবে
Government of the People's Republic of Bangladesh
Office of the Divisional Forest Officer
Coastal Forest Division, Noakhali.
Memo No: 22.01.7500.579.29.001.25.659	Date: 24.03.2025
Invitation for e-Tender
Invitation Reference No: CFDN/EGBBC/2024-25/ GD-04
Invitation Reference No: CFDN/EGBBC/2024-2025/ GD-05
e-Tenders (OTM) are invited in the National e-GP System Portal (http://www.eprocure.gov.bd) for the procurement of the following goods:
e-Tender ID No	Package No	Package Description	Tender Publication Date & Time	Last Date & Time for Selling/ Downloading	Tender Closing and Opening date & Time
1090474	CFDN/EGBBC/ 2024-2025/ GD-04	Supply of Nursery Materials for Mangrove Nursery Raising	24-Mar-2025 15:00	07-Apr-2025 17:00	08-Apr-2025 15:00
1090468	CFDN/EGBBC/ 2024-2025/ GD-05	Supply of Plantation Materials for Mangrove Plantation.	24-Mar-2025 15:00	07-Apr-2025 17:00	08-Apr-2025 15:30
This is an online tender, where only e-Tender will be accepted in the National e-GP Portal and no offline/hard copies will be accepted. To submit e-Tender, registration in the National e-GP System Portal (http://www.eprocure.gov.bd) is required.
The fees for downloading the e-Tender Documents from the National e-GP System Portal have to be deposited online through any registered Bank's Branches. Further information and guidelines are available in the National e-GP System Portal and from e-GP help desk (helpdesk@eprocure.gov.bd).
~~~
(Abu Yousuf)
Divisional Forest Officer
Coastal Forest Division, Noakhali.
Email: dfobd@gmail.com
Phone No: 02-334401106
DG-898/25 (6"×3)
